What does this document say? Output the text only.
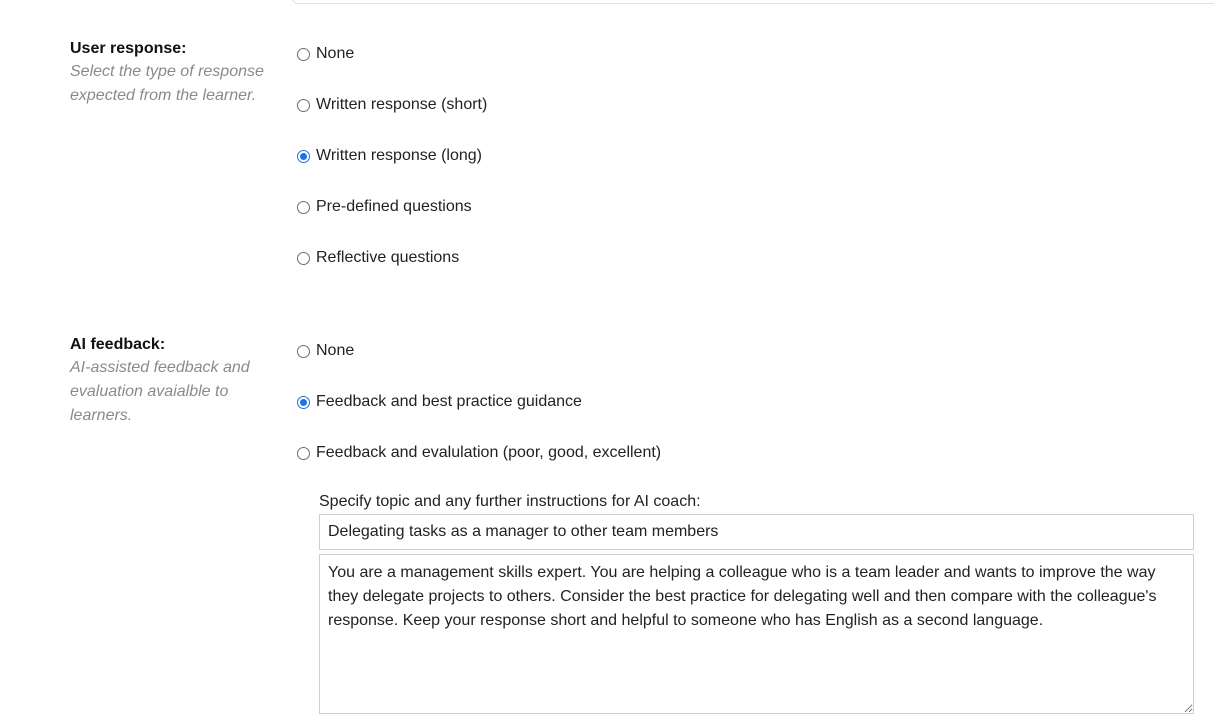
User response:

Select the type of response expected from the learner.

None
Written response (short)
Written response (long)
Pre-defined questions
Reflective questions

AI feedback:

AI-assisted feedback and evaluation avaialble to learners.

None
Feedback and best practice guidance
Feedback and evalulation (poor, good, excellent)

Specify topic and any further instructions for AI coach:

Delegating tasks as a manager to other team members
You are a management skills expert. You are helping a colleague who is a team leader and wants to improve the way they delegate projects to others. Consider the best practice for delegating well and then compare with the colleague's response. Keep your response short and helpful to someone who has English as a second language.
